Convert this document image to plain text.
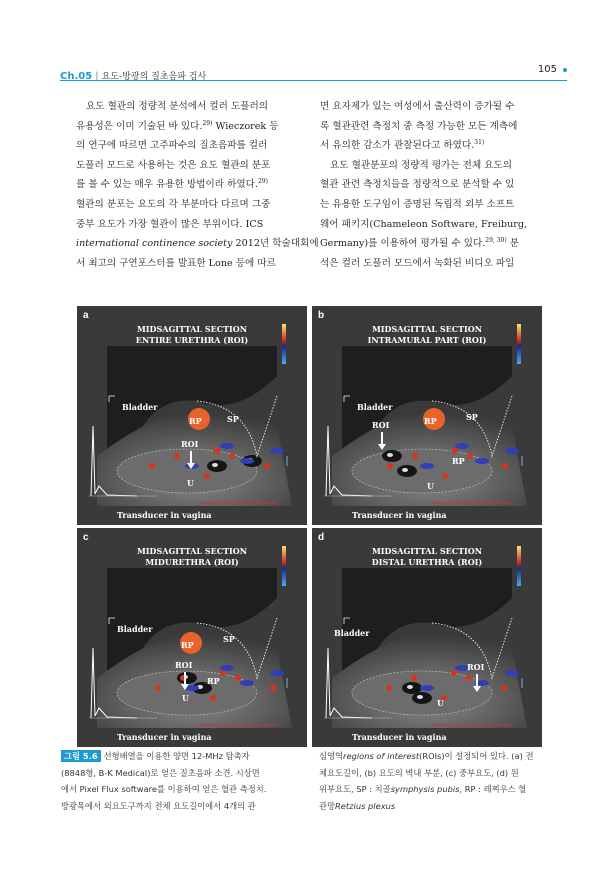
Ch.05 | 요도-방광의 질초음파 검사
105
요도 혈관의 정량적 분석에서 컬러 도플러의
유용성은 이미 기술된 바 있다.$^{29)}$ Wieczorek 등
의 연구에 따르면 고주파수의 질초음파를 컬러
도플러 모드로 사용하는 것은 요도 혈관의 분포
를 볼 수 있는 매우 유용한 방법이라 하였다.$^{29)}$
혈관의 분포는 요도의 각 부분마다 다르며 그중
중부 요도가 가장 혈관이 많은 부위이다. ICS
international continence society 2012년 학술대회에
서 최고의 구연포스터를 발표한 Lone 등에 따르
면 요자제가 있는 여성에서 출산력이 증가될 수
록 혈관관련 측정치 중 측정 가능한 모든 계측에
서 유의한 감소가 관찰된다고 하였다.$^{31)}$
요도 혈관분포의 정량적 평가는 전체 요도의
혈관 관련 측정치들을 정량적으로 분석할 수 있
는 유용한 도구임이 증명된 독립적 외부 소프트
웨어 패키지(Chameleon Software, Freiburg,
Germany)를 이용하여 평가될 수 있다.$^{29, 30)}$ 분
석은 컬러 도플러 모드에서 녹화된 비디오 파일
a
MIDSAGITTAL SECTION
ENTIRE URETHRA (ROI)
Bladder
RP	SP
ROI
U
Transducer in vagina
b
MIDSAGITTAL SECTION
INTRAMURAL PART (ROI)
Bladder
RP
RP
SP
ROI
U
Transducer in vagina
c
MIDSAGITTAL SECTION
MIDURETHRA (ROI)
Bladder
RP
RP
SP
ROI
U
Transducer in vagina
d
MIDSAGITTAL SECTION
DISTAL URETHRA (ROI)
Bladder
ROI
U
Transducer in vagina
그림 5.6 선형배열을 이용한 양면 12-MHz 탐촉자
(8848형, B-K Medical)로 얻은 질초음파 소견. 시상면
에서 Pixel Flux software를 이용하여 얻은 혈관 측정치.
방광목에서 외요도구까지 전체 요도길이에서 4개의 관
심영역regions of interest(ROIs)이 설정되어 있다. (a) 전
체요도길이, (b) 요도의 벽내 부분, (c) 중부요도, (d) 원
위부요도, SP : 치골symphysis pubis, RP : 레찌우스 혈
관망Retzius plexus
